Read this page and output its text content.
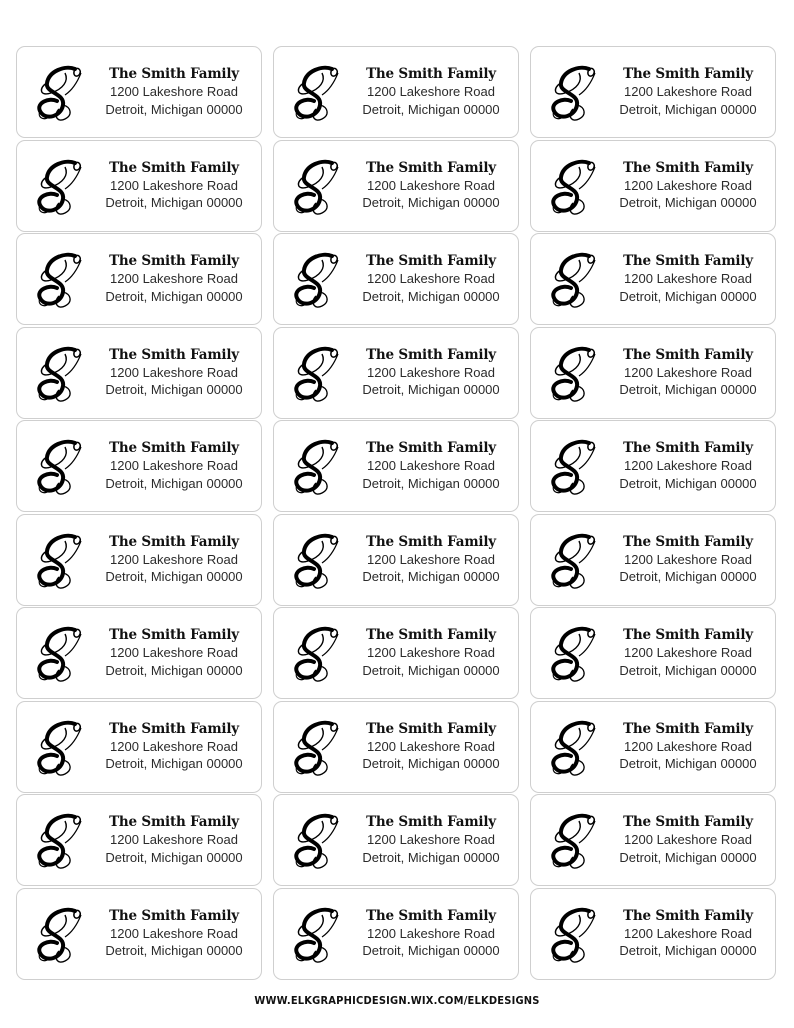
The Smith Family
1200 Lakeshore Road
Detroit, Michigan 00000
The Smith Family
1200 Lakeshore Road
Detroit, Michigan 00000
The Smith Family
1200 Lakeshore Road
Detroit, Michigan 00000
The Smith Family
1200 Lakeshore Road
Detroit, Michigan 00000
The Smith Family
1200 Lakeshore Road
Detroit, Michigan 00000
The Smith Family
1200 Lakeshore Road
Detroit, Michigan 00000
The Smith Family
1200 Lakeshore Road
Detroit, Michigan 00000
The Smith Family
1200 Lakeshore Road
Detroit, Michigan 00000
The Smith Family
1200 Lakeshore Road
Detroit, Michigan 00000
The Smith Family
1200 Lakeshore Road
Detroit, Michigan 00000
The Smith Family
1200 Lakeshore Road
Detroit, Michigan 00000
The Smith Family
1200 Lakeshore Road
Detroit, Michigan 00000
The Smith Family
1200 Lakeshore Road
Detroit, Michigan 00000
The Smith Family
1200 Lakeshore Road
Detroit, Michigan 00000
The Smith Family
1200 Lakeshore Road
Detroit, Michigan 00000
The Smith Family
1200 Lakeshore Road
Detroit, Michigan 00000
The Smith Family
1200 Lakeshore Road
Detroit, Michigan 00000
The Smith Family
1200 Lakeshore Road
Detroit, Michigan 00000
The Smith Family
1200 Lakeshore Road
Detroit, Michigan 00000
The Smith Family
1200 Lakeshore Road
Detroit, Michigan 00000
The Smith Family
1200 Lakeshore Road
Detroit, Michigan 00000
The Smith Family
1200 Lakeshore Road
Detroit, Michigan 00000
The Smith Family
1200 Lakeshore Road
Detroit, Michigan 00000
The Smith Family
1200 Lakeshore Road
Detroit, Michigan 00000
The Smith Family
1200 Lakeshore Road
Detroit, Michigan 00000
The Smith Family
1200 Lakeshore Road
Detroit, Michigan 00000
The Smith Family
1200 Lakeshore Road
Detroit, Michigan 00000
The Smith Family
1200 Lakeshore Road
Detroit, Michigan 00000
The Smith Family
1200 Lakeshore Road
Detroit, Michigan 00000
The Smith Family
1200 Lakeshore Road
Detroit, Michigan 00000
WWW.ELKGRAPHICDESIGN.WIX.COM/ELKDESIGNS
